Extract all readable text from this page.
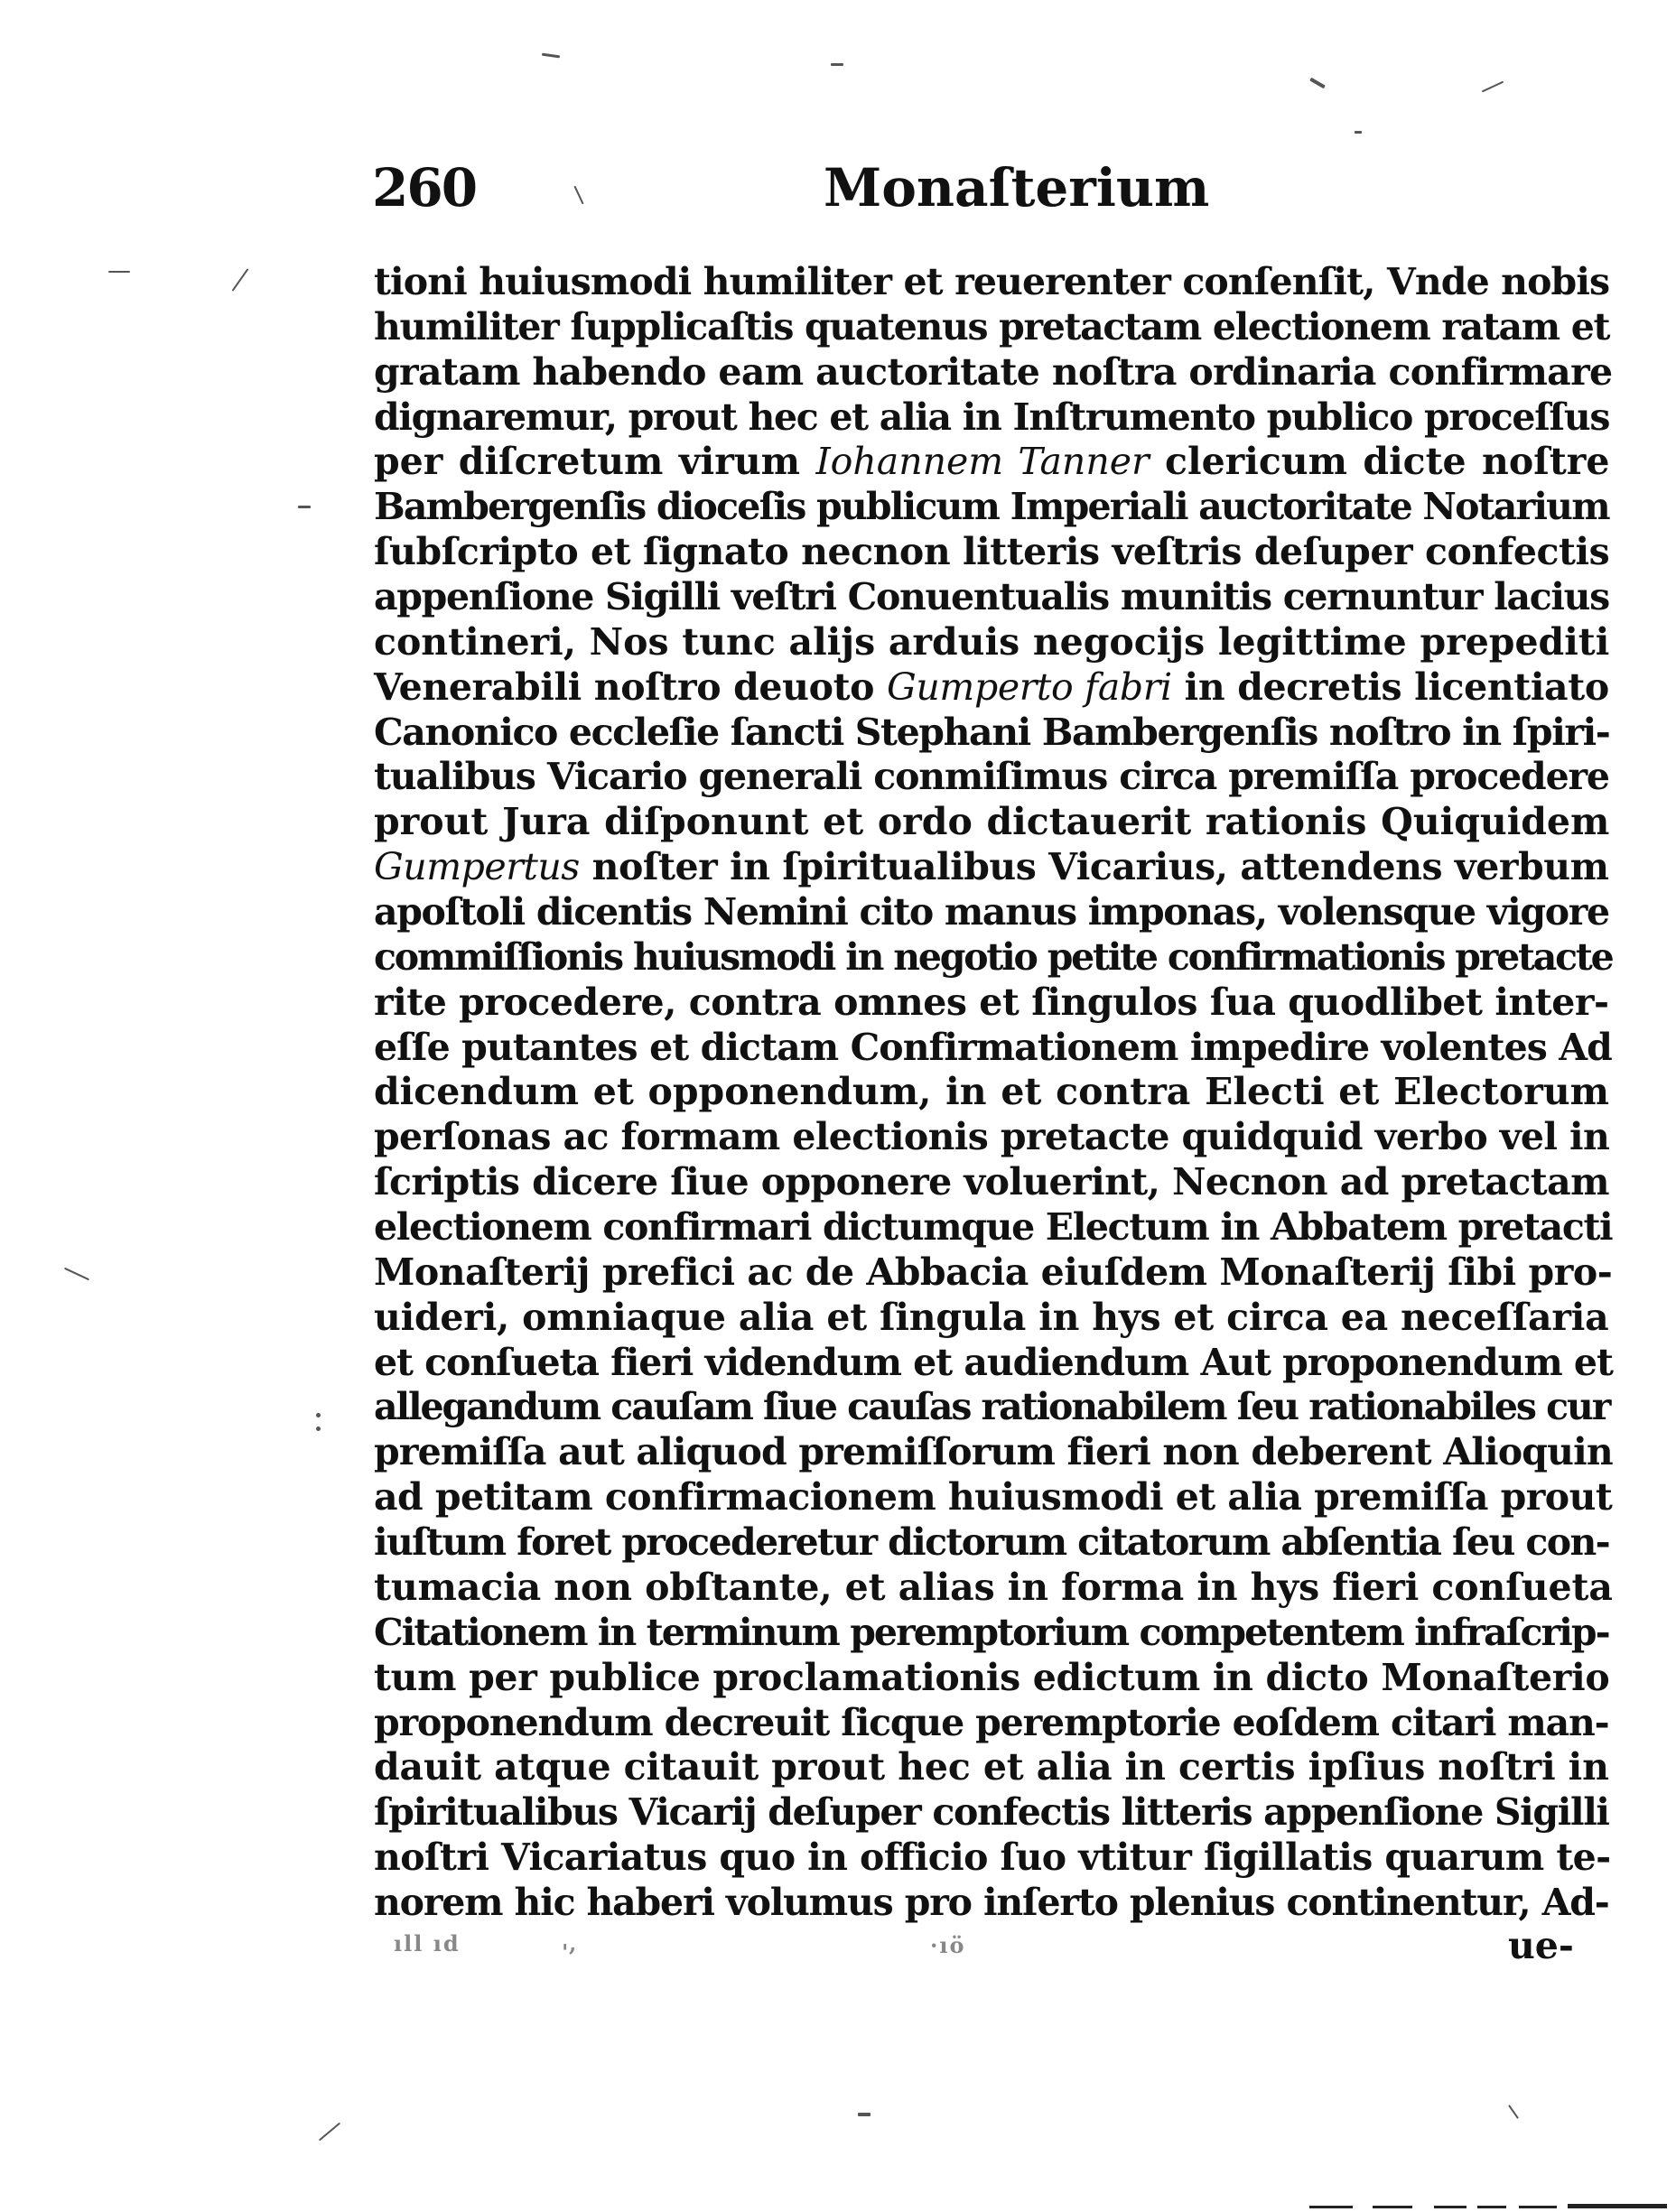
260	Monaſterium
tioni huiusmodi humiliter et reuerenter conſenſit, Vnde nobis
humiliter ſupplicaſtis quatenus pretactam electionem ratam et
gratam habendo eam auctoritate noſtra ordinaria confirmare
dignaremur, prout hec et alia in Inſtrumento publico proceſſus
per diſcretum virum Iohannem Tanner clericum dicte noſtre
Bambergenſis dioceſis publicum Imperiali auctoritate Notarium
ſubſcripto et ſignato necnon litteris veſtris deſuper confectis
appenſione Sigilli veſtri Conuentualis munitis cernuntur lacius
contineri, Nos tunc alijs arduis negocijs legittime prepediti
Venerabili noſtro deuoto Gumperto fabri in decretis licentiato
Canonico eccleſie ſancti Stephani Bambergenſis noſtro in ſpiri-
tualibus Vicario generali conmiſimus circa premiſſa procedere
prout Jura diſponunt et ordo dictauerit rationis Quiquidem
Gumpertus noſter in ſpiritualibus Vicarius, attendens verbum
apoſtoli dicentis Nemini cito manus imponas, volensque vigore
commiſſionis huiusmodi in negotio petite confirmationis pretacte
rite procedere, contra omnes et ſingulos ſua quodlibet inter-
eſſe putantes et dictam Confirmationem impedire volentes Ad
dicendum et opponendum, in et contra Electi et Electorum
perſonas ac formam electionis pretacte quidquid verbo vel in
ſcriptis dicere ſiue opponere voluerint, Necnon ad pretactam
electionem confirmari dictumque Electum in Abbatem pretacti
Monaſterij prefici ac de Abbacia eiuſdem Monaſterij ſibi pro-
uideri, omniaque alia et ſingula in hys et circa ea neceſſaria
et conſueta fieri videndum et audiendum Aut proponendum et
allegandum cauſam ſiue cauſas rationabilem ſeu rationabiles cur
premiſſa aut aliquod premiſſorum fieri non deberent Alioquin
ad petitam confirmacionem huiusmodi et alia premiſſa prout
iuſtum foret procederetur dictorum citatorum abſentia ſeu con-
tumacia non obſtante, et alias in forma in hys fieri conſueta
Citationem in terminum peremptorium competentem infraſcrip-
tum per publice proclamationis edictum in dicto Monaſterio
proponendum decreuit ſicque peremptorie eoſdem citari man-
dauit atque citauit prout hec et alia in certis ipſius noſtri in
ſpiritualibus Vicarij deſuper confectis litteris appenſione Sigilli
noſtri Vicariatus quo in officio ſuo vtitur ſigillatis quarum te-
norem hic haberi volumus pro inſerto plenius continentur, Ad-
ue-
ıll ıd	'
,	·ıö
